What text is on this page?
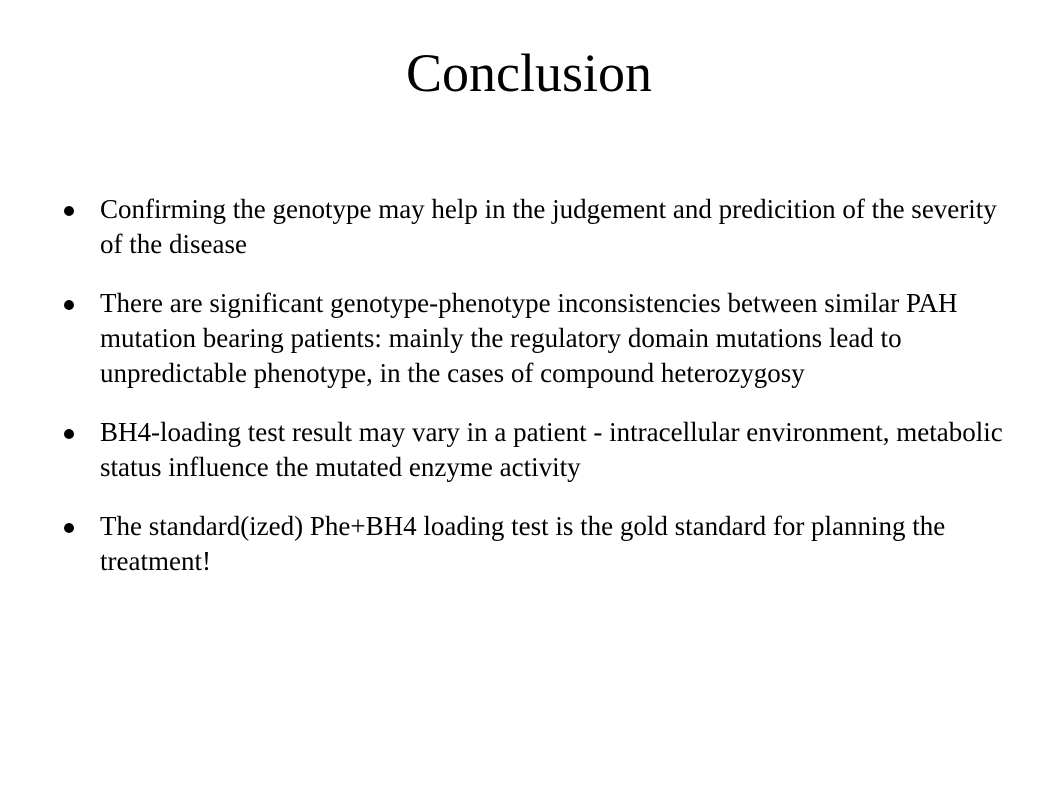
Conclusion
Confirming the genotype may help in the judgement and predicition of the severity of the disease
There are significant genotype-phenotype inconsistencies between similar PAH mutation bearing patients: mainly the regulatory domain mutations lead to unpredictable phenotype, in the cases of compound heterozygosy
BH4-loading test result may vary in a patient - intracellular environment, metabolic status influence the mutated enzyme activity
The standard(ized) Phe+BH4 loading test is the gold standard for planning the treatment!
